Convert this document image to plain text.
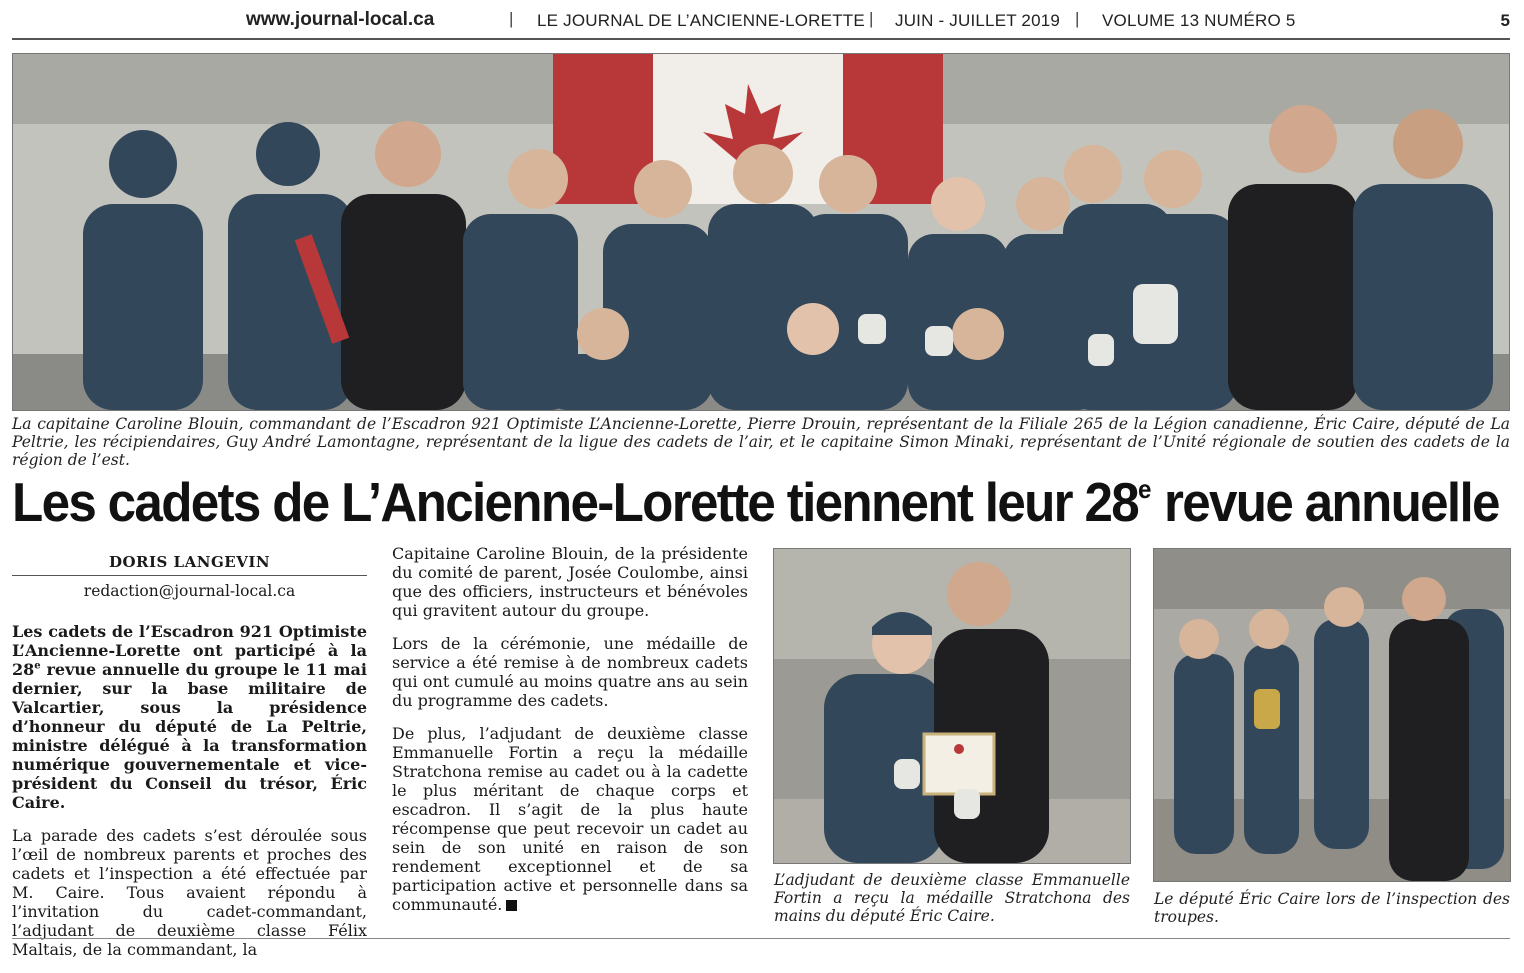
www.journal-local.ca	| LE JOURNAL DE L’ANCIENNE-LORETTE | JUIN - JUILLET 2019 | VOLUME 13 NUMÉRO 5	5
La capitaine Caroline Blouin, commandant de l’Escadron 921 Optimiste L’Ancienne-Lorette, Pierre Drouin, représentant de la Filiale 265 de la Légion canadienne, Éric Caire, député de La Peltrie, les récipiendaires, Guy André Lamontagne, représentant de la ligue des cadets de l’air, et le capitaine Simon Minaki, représentant de l’Unité régionale de soutien des cadets de la région de l’est.
Les cadets de L’Ancienne-Lorette tiennent leur 28e revue annuelle
DORIS LANGEVIN
redaction@journal-local.ca

Les cadets de l’Escadron 921 Optimiste L’Ancienne-Lorette ont participé à la 28e revue annuelle du groupe le 11 mai dernier, sur la base militaire de Valcartier, sous la présidence d’honneur du député de La Peltrie, ministre délégué à la transformation numérique gouvernementale et vice-président du Conseil du trésor, Éric Caire.

La parade des cadets s’est déroulée sous l’œil de nombreux parents et proches des cadets et l’inspection a été effectuée par M. Caire. Tous avaient répondu à l’invitation du cadet-commandant, l’adjudant de deuxième classe Félix Maltais, de la commandant, la

Capitaine Caroline Blouin, de la présidente du comité de parent, Josée Coulombe, ainsi que des officiers, instructeurs et bénévoles qui gravitent autour du groupe.

Lors de la cérémonie, une médaille de service a été remise à de nombreux cadets qui ont cumulé au moins quatre ans au sein du programme des cadets.

De plus, l’adjudant de deuxième classe Emmanuelle Fortin a reçu la médaille Stratchona remise au cadet ou à la cadette le plus méritant de chaque corps et escadron. Il s’agit de la plus haute récompense que peut recevoir un cadet au sein de son unité en raison de son rendement exceptionnel et de sa participation active et personnelle dans sa communauté.

L’adjudant de deuxième classe Emmanuelle Fortin a reçu la médaille Stratchona des mains du député Éric Caire.
Le député Éric Caire lors de l’inspection des troupes.
